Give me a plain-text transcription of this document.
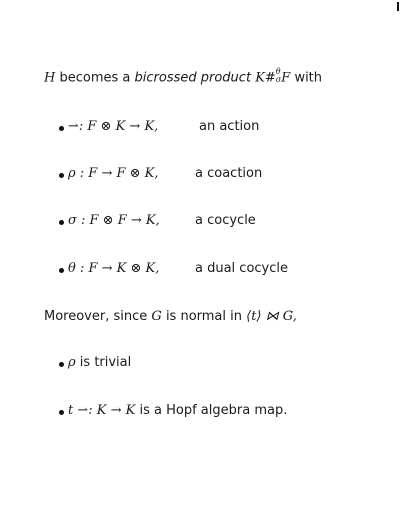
H becomes a bicrossed product K# θ
σ F with
⇀: F ⊗ K → K,	an action
ρ : F → F ⊗ K,	a coaction
σ : F ⊗ F → K,	a cocycle
θ : F → K ⊗ K,	a dual cocycle
Moreover, since G is normal in ⟨t⟩ ⋈ G,
ρ is trivial
t ⇀: K → K is a Hopf algebra map.
